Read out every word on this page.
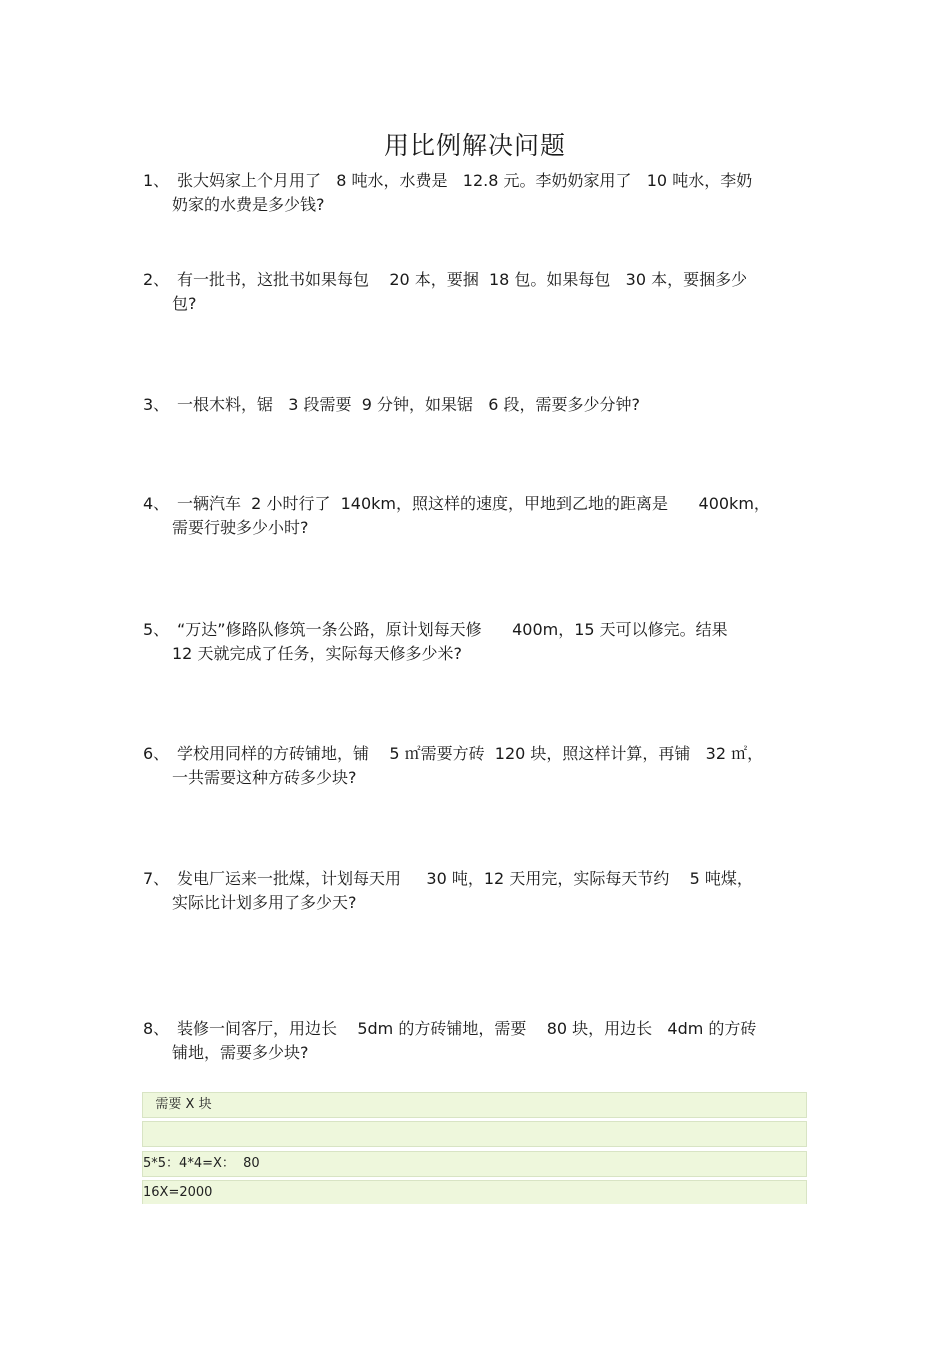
用比例解决问题
1、 张大妈家上个月用了   8 吨水，水费是   12.8 元。李奶奶家用了   10 吨水，李奶
奶家的水费是多少钱?
2、 有一批书，这批书如果每包    20 本，要捆  18 包。如果每包   30 本，要捆多少
包?
3、 一根木料，锯   3 段需要  9 分钟，如果锯   6 段，需要多少分钟?
4、 一辆汽车  2 小时行了  140km，照这样的速度，甲地到乙地的距离是      400km，
需要行驶多少小时?
5、 “万达”修路队修筑一条公路，原计划每天修      400m，15 天可以修完。结果
12 天就完成了任务，实际每天修多少米?
6、 学校用同样的方砖铺地，铺    5 ㎡需要方砖  120 块，照这样计算，再铺   32 ㎡，
一共需要这种方砖多少块?
7、 发电厂运来一批煤，计划每天用     30 吨，12 天用完，实际每天节约    5 吨煤，
实际比计划多用了多少天?
8、 装修一间客厅，用边长    5dm 的方砖铺地，需要    80 块，用边长   4dm 的方砖
铺地，需要多少块?
需要 X 块
5*5：4*4=X：  80
16X=2000
